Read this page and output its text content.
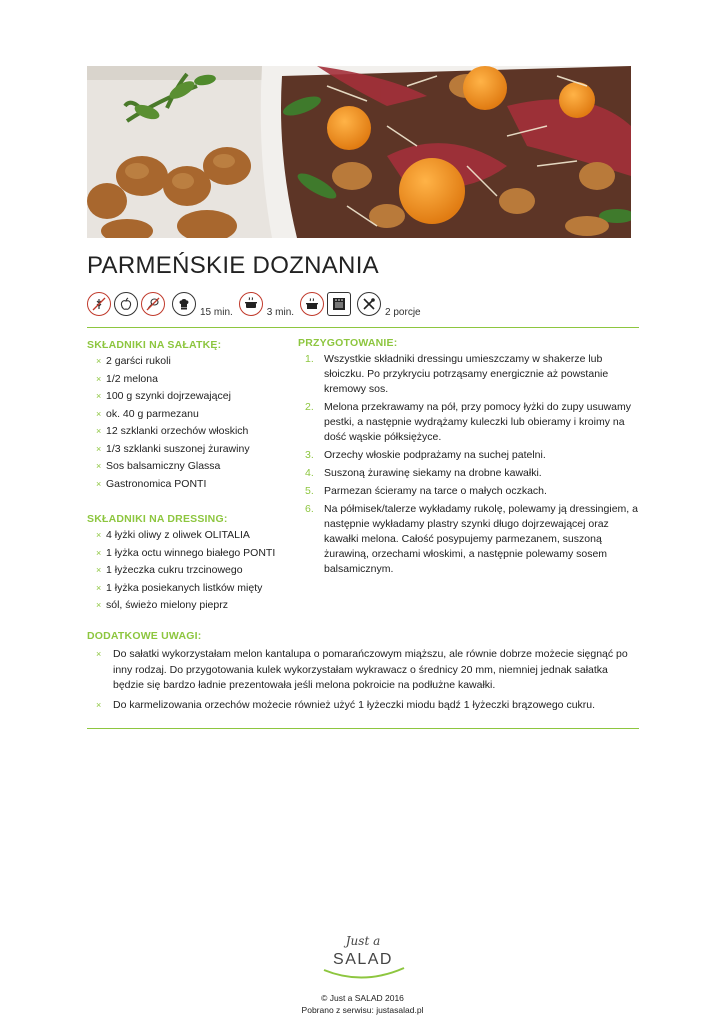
PARMEŃSKIE DOZNANIA
15 min.	3 min.	2 porcje
SKŁADNIKI NA SAŁATKĘ:
× 2 garści rukoli
× 1/2 melona
× 100 g szynki dojrzewającej
× ok. 40 g parmezanu
× 12 szklanki orzechów włoskich
× 1/3 szklanki suszonej żurawiny
× Sos balsamiczny Glassa
× Gastronomica PONTI
SKŁADNIKI NA DRESSING:
× 4 łyżki oliwy z oliwek OLITALIA
× 1 łyżka octu winnego białego PONTI
× 1 łyżeczka cukru trzcinowego
× 1 łyżka posiekanych listków mięty
× sól, świeżo mielony pieprz
PRZYGOTOWANIE:
1. Wszystkie składniki dressingu umieszczamy w shakerze lub słoiczku. Po przykryciu potrząsamy energicznie aż powstanie kremowy sos.
2. Melona przekrawamy na pół, przy pomocy łyżki do zupy usuwamy pestki, a następnie wydrążamy kuleczki lub obieramy i kroimy na dość wąskie półksiężyce.
3. Orzechy włoskie podprażamy na suchej patelni.
4. Suszoną żurawinę siekamy na drobne kawałki.
5. Parmezan ścieramy na tarce o małych oczkach.
6. Na półmisek/talerze wykładamy rukolę, polewamy ją dressingiem, a następnie wykładamy plastry szynki długo dojrzewającej oraz kawałki melona. Całość posypujemy parmezanem, suszoną żurawiną, orzechami włoskimi, a następnie polewamy sosem balsamicznym.
DODATKOWE UWAGI:
× Do sałatki wykorzystałam melon kantalupa o pomarańczowym miąższu, ale równie dobrze możecie sięgnąć po inny rodzaj. Do przygotowania kulek wykorzystałam wykrawacz o średnicy 20 mm, niemniej jednak sałatka będzie się bardzo ładnie prezentowała jeśli melona pokroicie na podłużne kawałki.
× Do karmelizowania orzechów możecie również użyć 1 łyżeczki miodu bądź 1 łyżeczki brązowego cukru.
Just a
SALAD
© Just a SALAD 2016
Pobrano z serwisu: justasalad.pl
